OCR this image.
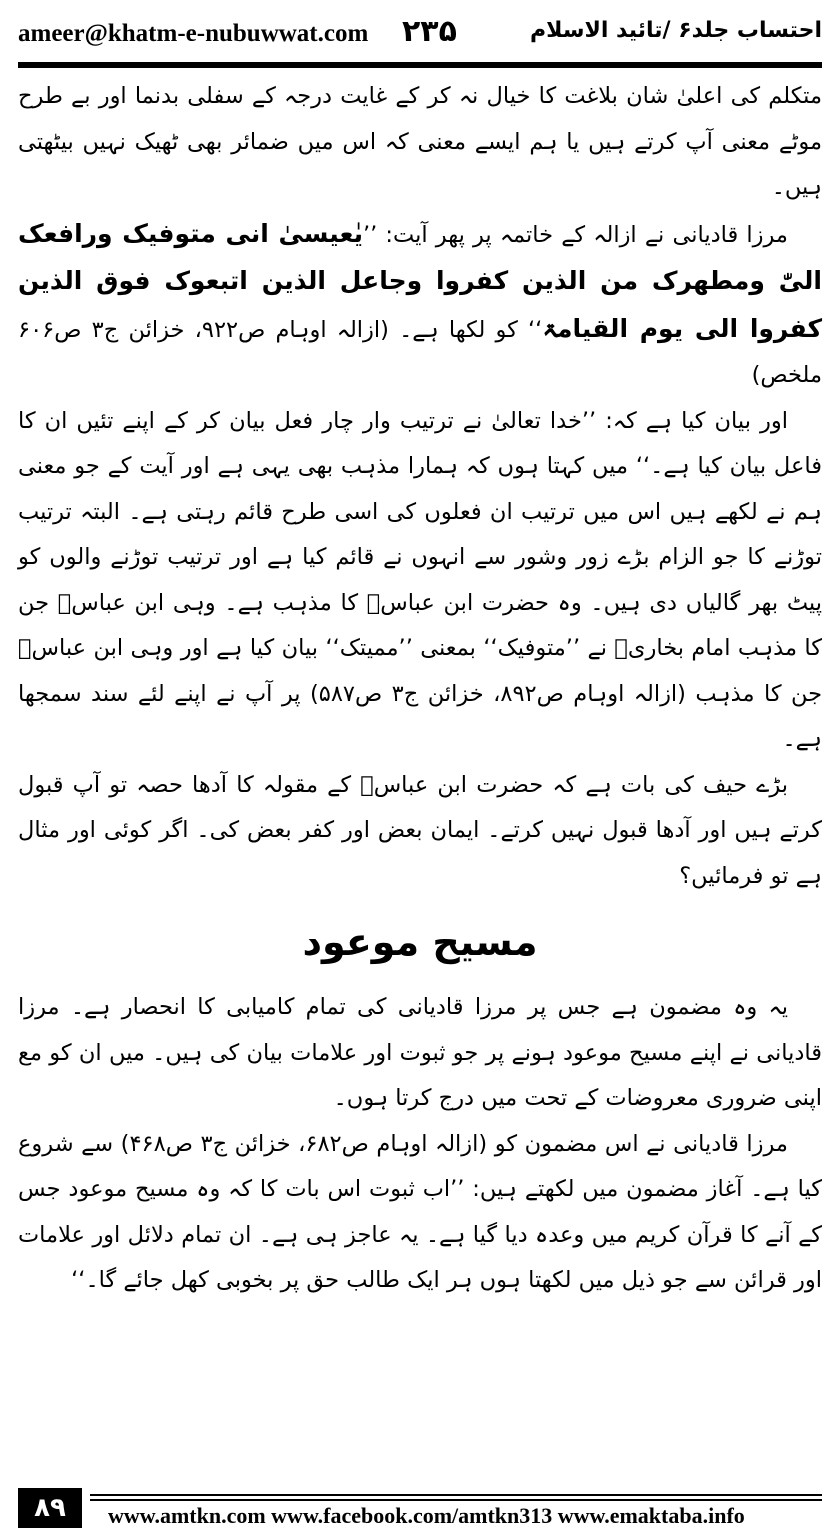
ameer@khatm-e-nubuwwat.com ۲۳۵	احتساب جلد۶ /تائید الاسلام

متکلم کی اعلیٰ شان بلاغت کا خیال نہ کر کے غایت درجہ کے سفلی بدنما اور بے طرح موٹے معنی آپ کرتے ہیں یا ہم ایسے معنی کہ اس میں ضمائر بھی ٹھیک نہیں بیٹھتی ہیں۔

مرزا قادیانی نے ازالہ کے خاتمہ پر پھر آیت: ’’یٰعیسیٰ انی متوفیک ورافعک الیّٰ ومطھرک من الذین کفروا وجاعل الذین اتبعوک فوق الذین کفروا الی یوم القیامۃ‘‘ کو لکھا ہے۔ (ازالہ اوہام ص۹۲۲، خزائن ج۳ ص۶۰۶ ملخص)

اور بیان کیا ہے کہ: ’’خدا تعالیٰ نے ترتیب وار چار فعل بیان کر کے اپنے تئیں ان کا فاعل بیان کیا ہے۔‘‘ میں کہتا ہوں کہ ہمارا مذہب بھی یہی ہے اور آیت کے جو معنی ہم نے لکھے ہیں اس میں ترتیب ان فعلوں کی اسی طرح قائم رہتی ہے۔ البتہ ترتیب توڑنے کا جو الزام بڑے زور وشور سے انہوں نے قائم کیا ہے اور ترتیب توڑنے والوں کو پیٹ بھر گالیاں دی ہیں۔ وہ حضرت ابن عباسؓ کا مذہب ہے۔ وہی ابن عباسؓ جن کا مذہب امام بخاریؒ نے ’’متوفیک‘‘ بمعنی ’’ممیتک‘‘ بیان کیا ہے اور وہی ابن عباسؓ جن کا مذہب (ازالہ اوہام ص۸۹۲، خزائن ج۳ ص۵۸۷) پر آپ نے اپنے لئے سند سمجھا ہے۔

بڑے حیف کی بات ہے کہ حضرت ابن عباسؓ کے مقولہ کا آدھا حصہ تو آپ قبول کرتے ہیں اور آدھا قبول نہیں کرتے۔ ایمان بعض اور کفر بعض کی۔ اگر کوئی اور مثال ہے تو فرمائیں؟

مسیح موعود

یہ وہ مضمون ہے جس پر مرزا قادیانی کی تمام کامیابی کا انحصار ہے۔ مرزا قادیانی نے اپنے مسیح موعود ہونے پر جو ثبوت اور علامات بیان کی ہیں۔ میں ان کو مع اپنی ضروری معروضات کے تحت میں درج کرتا ہوں۔

مرزا قادیانی نے اس مضمون کو (ازالہ اوہام ص۶۸۲، خزائن ج۳ ص۴۶۸) سے شروع کیا ہے۔ آغاز مضمون میں لکھتے ہیں: ’’اب ثبوت اس بات کا کہ وہ مسیح موعود جس کے آنے کا قرآن کریم میں وعدہ دیا گیا ہے۔ یہ عاجز ہی ہے۔ ان تمام دلائل اور علامات اور قرائن سے جو ذیل میں لکھتا ہوں ہر ایک طالب حق پر بخوبی کھل جائے گا۔‘‘

۸۹	www.amtkn.com www.facebook.com/amtkn313 www.emaktaba.info
